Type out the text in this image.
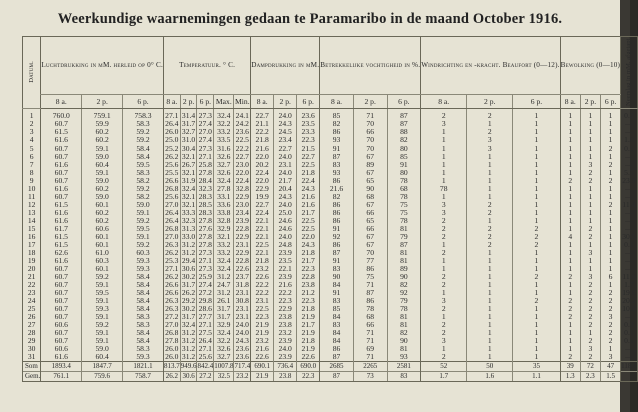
Weerkundige waarnemingen gedaan te Paramaribo in de maand October 1916.
Datum.	Luchtdrukking in mM. herleid op 0° C.			Temperatuur. ° C.					Dampdrukking in mM.			Betrekkelijke vochtigheid in %.			Windrichting en -kracht. Beaufort (0—12).			Bewolking (0—10)			Neerslag in mM. afgetapt.
	8 a.	2 p.	6 p.	8 a.	2 p.	6 p.	Max.	Min.	8 a.	2 p.	6 p.	8 a.	2 p.	6 p.	8 a.	2 p.	6 p.	8 a.	2 p.	6 p.	
1	760.0	759.1	758.3	27.1	31.4	27.3	32.4	24.1	22.7	24.0	23.6	85	71	87	2	2	1	1	1	1	0.2
2	60.7	59.9	58.3	26.4	31.7	27.4	32.2	24.2	21.1	24.3	23.5	82	70	87	3	1	1	1	1	1	—
3	61.5	60.2	59.2	26.0	32.7	27.0	33.2	23.6	22.2	24.5	23.3	86	66	88	1	2	1	1	1	1	—
4	61.6	60.2	59.2	25.0	31.0	27.4	33.5	22.5	21.8	23.4	22.3	93	70	82	1	3	1	1	1	1	1.0
5	60.7	59.1	58.4	25.2	30.4	27.3	31.6	22.2	21.6	22.7	21.5	91	70	80	1	3	1	1	1	2	0.1
6	60.7	59.0	58.4	26.2	32.1	27.1	32.6	22.7	22.0	24.0	22.7	87	67	85	1	1	1	1	1	1	—
7	61.6	60.4	59.5	25.6	26.7	25.8	32.7	23.0	20.2	23.1	22.5	83	89	91	1	1	1	1	3	2	—
8	60.7	59.1	58.3	25.5	32.1	27.8	32.6	22.0	22.4	24.0	21.8	93	67	80	1	1	1	1	2	1	5.5
9	60.7	59.0	58.2	26.6	31.9	28.4	32.4	22.4	22.0	21.7	22.4	86	65	78	1	1	1	2	2	2	23.9
10	61.6	60.2	59.2	26.8	32.4	32.3	27.8	32.8	22.9	20.4	24.3	21.6	90	68	78	1	1	1	1	1	—
11	60.7	59.0	58.2	25.6	32.1	28.3	33.1	22.9	19.9	24.3	21.6	82	68	78	1	1	1	1	1	1	—
12	61.5	60.1	59.0	27.0	32.1	28.5	33.6	23.0	22.7	24.0	21.6	86	67	75	3	2	1	1	1	2	11.4
13	61.6	60.2	59.1	26.4	33.3	28.3	33.8	23.4	22.4	25.0	21.7	86	66	75	3	2	1	1	1	1	—
14	61.6	60.2	59.2	26.4	32.3	27.8	32.8	23.9	22.1	24.6	22.5	86	65	78	2	1	1	1	1	1	—
15	61.7	60.6	59.5	26.8	31.3	27.6	32.9	22.8	22.1	24.6	22.5	91	66	81	2	2	2	1	2	1	—
16	61.5	60.1	59.1	27.0	33.0	27.8	32.1	22.9	22.1	24.0	22.0	92	67	79	2	2	2	4	2	1	30.5
17	61.5	60.1	59.2	26.3	31.2	27.8	33.2	23.1	22.5	24.8	24.3	86	67	87	1	2	2	1	1	1	0.1
18	62.6	61.0	60.3	26.2	31.2	27.3	33.2	22.9	22.1	23.9	21.8	87	70	81	2	1	1	1	3	1	—
19	61.6	60.3	59.3	25.3	29.4	27.1	32.4	22.8	21.8	23.5	21.7	91	77	81	1	1	1	1	1	1	—
20	60.7	60.1	59.3	27.1	30.6	27.3	32.4	22.6	23.2	22.1	22.3	83	86	89	1	1	1	1	1	1	—
21	60.7	59.2	58.4	26.2	30.2	25.9	31.2	23.7	22.6	23.9	22.8	90	75	90	2	1	2	2	3	6	11.0
22	60.7	59.1	58.4	26.6	31.7	27.4	24.7	31.8	22.2	21.6	23.8	84	71	82	2	1	1	1	2	1	1.7
23	60.7	59.5	58.4	26.6	26.2	27.2	31.2	23.1	22.2	22.2	21.2	91	87	92	1	1	1	1	2	2	19.6
24	60.7	59.1	58.4	26.3	29.2	29.8	26.1	30.8	23.1	22.3	22.3	83	86	79	3	1	2	2	2	2	20.2
25	60.7	59.3	58.4	26.3	30.2	28.6	31.7	23.1	22.5	22.9	21.8	85	78	78	2	1	1	2	2	2	10.8
26	60.7	59.1	58.3	27.2	31.7	27.7	31.7	23.1	22.3	23.8	21.9	84	68	81	1	1	1	2	2	3	—
27	60.6	59.2	58.3	27.0	32.4	27.1	32.9	24.0	21.9	23.8	21.7	83	66	81	2	1	1	1	2	2	0.3
28	60.7	59.1	58.4	26.8	31.2	27.5	32.4	24.0	21.9	23.2	21.9	84	71	82	2	1	1	1	1	2	0.1
29	60.7	59.1	58.4	27.8	31.2	26.4	32.2	24.3	23.2	23.9	21.8	84	71	90	3	1	1	1	2	2	0.1
30	60.6	59.0	58.3	26.0	31.2	27.1	32.6	23.6	21.6	24.0	21.9	86	69	81	1	1	1	1	3	1	—
31	61.6	60.4	59.3	26.0	31.2	25.6	32.7	23.6	22.6	23.9	22.6	87	71	93	2	1	1	2	2	3	—
Som	1893.4	1847.7	1821.1	813.7	949.6	842.4	1007.8	717.4	690.1	736.4	690.0	2685	2265	2581	52	50	35	39	72	47	118.6
Gem.	761.1	759.6	758.7	26.2	30.6	27.2	32.5	23.2	21.9	23.8	22.3	87	73	83	1.7	1.6	1.1	1.3	2.3	1.5	
